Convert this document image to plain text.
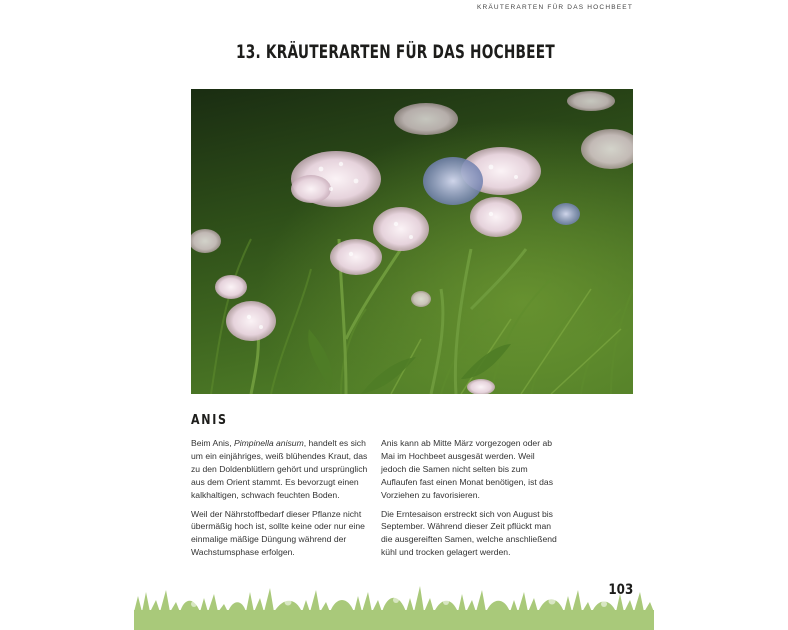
KRÄUTERARTEN FÜR DAS HOCHBEET
13. KRÄUTERARTEN FÜR DAS HOCHBEET
ANIS

Beim Anis, Pimpinella anisum, handelt es sich um ein einjähriges, weiß blühendes Kraut, das zu den Doldenblütlern gehört und ursprünglich aus dem Orient stammt. Es bevorzugt einen kalkhaltigen, schwach feuchten Boden.

Weil der Nährstoffbedarf dieser Pflanze nicht übermäßig hoch ist, sollte keine oder nur eine einmalige mäßige Düngung während der Wachstumsphase erfolgen.

Anis kann ab Mitte März vorgezogen oder ab Mai im Hochbeet ausgesät werden. Weil jedoch die Samen nicht selten bis zum Auflaufen fast einen Monat benötigen, ist das Vorziehen zu favorisieren.

Die Erntesaison erstreckt sich von August bis September. Während dieser Zeit pflückt man die ausgereiften Samen, welche anschließend kühl und trocken gelagert werden.

103
